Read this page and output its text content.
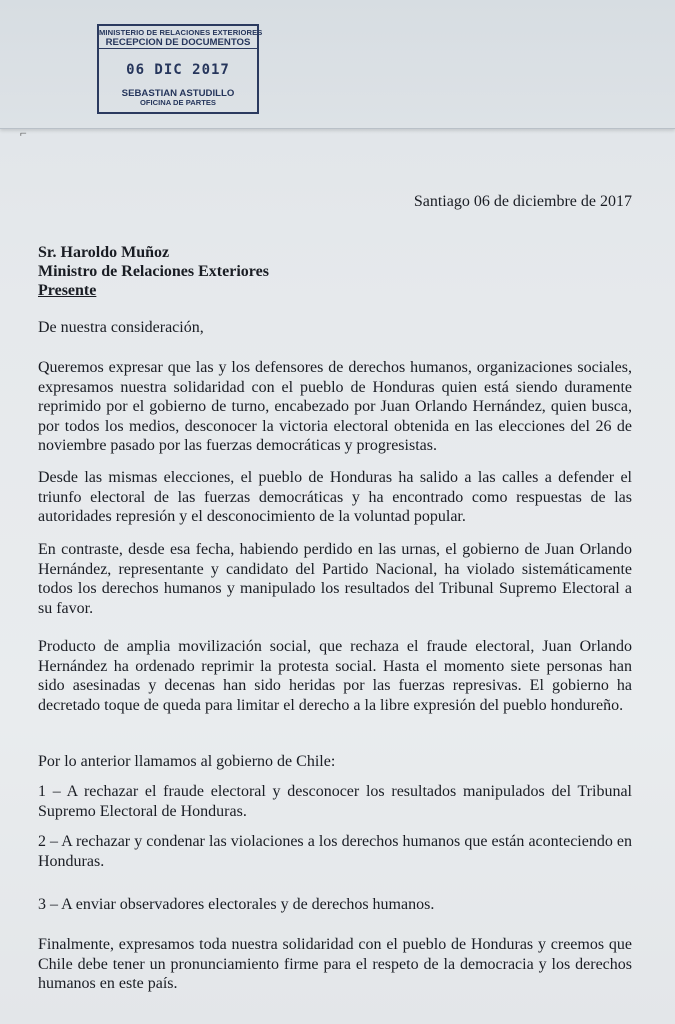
MINISTERIO DE RELACIONES EXTERIORES
RECEPCION DE DOCUMENTOS
06 DIC 2017
SEBASTIAN ASTUDILLO
OFICINA DE PARTES
⌐
Santiago 06 de diciembre de 2017
Sr. Haroldo Muñoz
Ministro de Relaciones Exteriores
Presente
De nuestra consideración,
Queremos expresar que las y los defensores de derechos humanos, organizaciones sociales, expresamos nuestra solidaridad con el pueblo de Honduras quien está siendo duramente reprimido por el gobierno de turno, encabezado por Juan Orlando Hernández, quien busca, por todos los medios, desconocer la victoria electoral obtenida en las elecciones del 26 de noviembre pasado por las fuerzas democráticas y progresistas.
Desde las mismas elecciones, el pueblo de Honduras ha salido a las calles a defender el triunfo electoral de las fuerzas democráticas y ha encontrado como respuestas de las autoridades represión y el desconocimiento de la voluntad popular.
En contraste, desde esa fecha, habiendo perdido en las urnas, el gobierno de Juan Orlando Hernández, representante y candidato del Partido Nacional, ha violado sistemáticamente todos los derechos humanos y manipulado los resultados del Tribunal Supremo Electoral a su favor.
Producto de amplia movilización social, que rechaza el fraude electoral, Juan Orlando Hernández ha ordenado reprimir la protesta social. Hasta el momento siete personas han sido asesinadas y decenas han sido heridas por las fuerzas represivas. El gobierno ha decretado toque de queda para limitar el derecho a la libre expresión del pueblo hondureño.
Por lo anterior llamamos al gobierno de Chile:
1 – A rechazar el fraude electoral y desconocer los resultados manipulados del Tribunal Supremo Electoral de Honduras.
2 – A rechazar y condenar las violaciones a los derechos humanos que están aconteciendo en Honduras.
3 – A enviar observadores electorales y de derechos humanos.
Finalmente, expresamos toda nuestra solidaridad con el pueblo de Honduras y creemos que Chile debe tener un pronunciamiento firme para el respeto de la democracia y los derechos humanos en este país.
